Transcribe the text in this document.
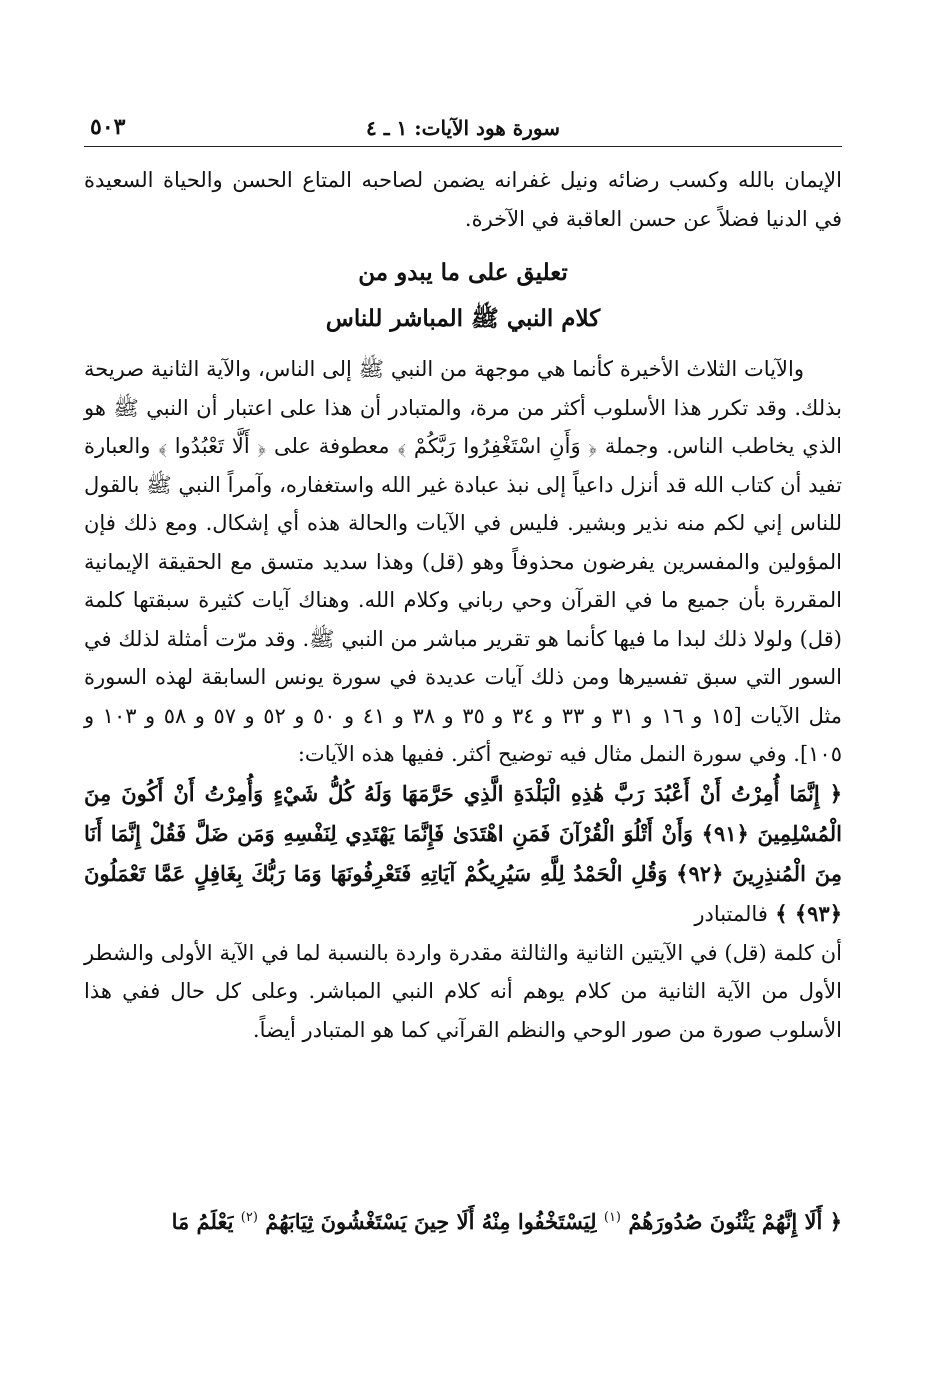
سورة هود الآيات: ١ ـ ٤
٥٠٣

الإيمان بالله وكسب رضائه ونيل غفرانه يضمن لصاحبه المتاع الحسن والحياة السعيدة في الدنيا فضلاً عن حسن العاقبة في الآخرة.

تعليق على ما يبدو من
كلام النبي ﷺ المباشر للناس

والآيات الثلاث الأخيرة كأنما هي موجهة من النبي ﷺ إلى الناس، والآية الثانية صريحة بذلك. وقد تكرر هذا الأسلوب أكثر من مرة، والمتبادر أن هذا على اعتبار أن النبي ﷺ هو الذي يخاطب الناس. وجملة ﴿ وَأَنِ اسْتَغْفِرُوا رَبَّكُمْ ﴾ معطوفة على ﴿ أَلَّا تَعْبُدُوا ﴾ والعبارة تفيد أن كتاب الله قد أنزل داعياً إلى نبذ عبادة غير الله واستغفاره، وآمراً النبي ﷺ بالقول للناس إني لكم منه نذير وبشير. فليس في الآيات والحالة هذه أي إشكال. ومع ذلك فإن المؤولين والمفسرين يفرضون محذوفاً وهو (قل) وهذا سديد متسق مع الحقيقة الإيمانية المقررة بأن جميع ما في القرآن وحي رباني وكلام الله. وهناك آيات كثيرة سبقتها كلمة (قل) ولولا ذلك لبدا ما فيها كأنما هو تقرير مباشر من النبي ﷺ. وقد مرّت أمثلة لذلك في السور التي سبق تفسيرها ومن ذلك آيات عديدة في سورة يونس السابقة لهذه السورة مثل الآيات [١٥ و ١٦ و ٣١ و ٣٣ و ٣٤ و ٣٥ و ٣٨ و ٤١ و ٥٠ و ٥٢ و ٥٧ و ٥٨ و ١٠٣ و ١٠٥]. وفي سورة النمل مثال فيه توضيح أكثر. ففيها هذه الآيات:

﴿ إِنَّمَا أُمِرْتُ أَنْ أَعْبُدَ رَبَّ هَٰذِهِ الْبَلْدَةِ الَّذِي حَرَّمَهَا وَلَهُ كُلُّ شَيْءٍ وَأُمِرْتُ أَنْ أَكُونَ مِنَ الْمُسْلِمِينَ ﴿٩١﴾ وَأَنْ أَتْلُوَ الْقُرْآنَ فَمَنِ اهْتَدَىٰ فَإِنَّمَا يَهْتَدِي لِنَفْسِهِ وَمَن ضَلَّ فَقُلْ إِنَّمَا أَنَا مِنَ الْمُنذِرِينَ ﴿٩٢﴾ وَقُلِ الْحَمْدُ لِلَّهِ سَيُرِيكُمْ آيَاتِهِ فَتَعْرِفُونَهَا وَمَا رَبُّكَ بِغَافِلٍ عَمَّا تَعْمَلُونَ ﴿٩٣﴾ ﴾ فالمتبادر

أن كلمة (قل) في الآيتين الثانية والثالثة مقدرة واردة بالنسبة لما في الآية الأولى والشطر الأول من الآية الثانية من كلام يوهم أنه كلام النبي المباشر. وعلى كل حال ففي هذا الأسلوب صورة من صور الوحي والنظم القرآني كما هو المتبادر أيضاً.

﴿ أَلَا إِنَّهُمْ يَثْنُونَ صُدُورَهُمْ $^{(١)}$ لِيَسْتَخْفُوا مِنْهُ أَلَا حِينَ يَسْتَغْشُونَ ثِيَابَهُمْ $^{(٢)}$ يَعْلَمُ مَا
